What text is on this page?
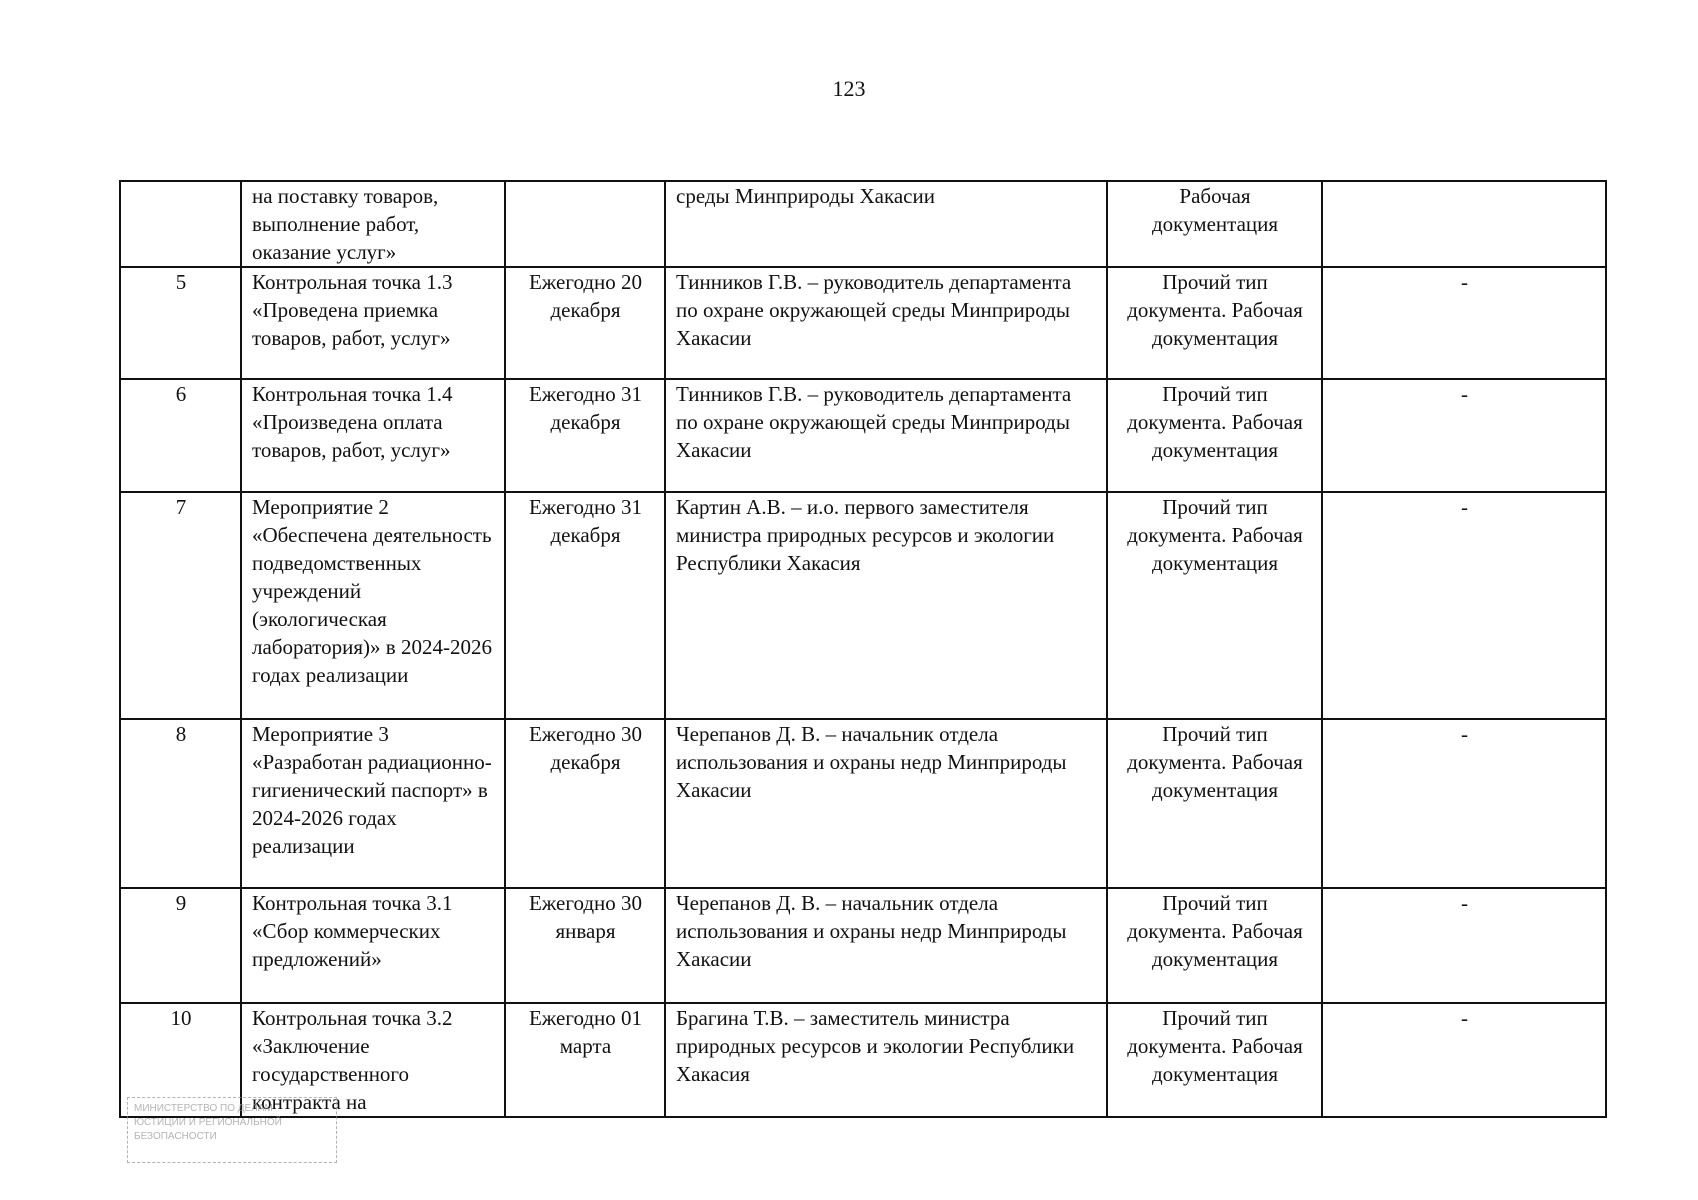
123
	на поставку товаров, выполнение работ, оказание услуг»		среды Минприроды Хакасии	Рабочая документация	
5	Контрольная точка 1.3 «Проведена приемка товаров, работ, услуг»	Ежегодно 20 декабря	Тинников Г.В. – руководитель департамента по охране окружающей среды Минприроды Хакасии	Прочий тип документа. Рабочая документация	-
6	Контрольная точка 1.4 «Произведена оплата товаров, работ, услуг»	Ежегодно 31 декабря	Тинников Г.В. – руководитель департамента по охране окружающей среды Минприроды Хакасии	Прочий тип документа. Рабочая документация	-
7	Мероприятие 2 «Обеспечена деятельность подведомственных учреждений (экологическая лаборатория)» в 2024-2026 годах реализации	Ежегодно 31 декабря	Картин А.В. – и.о. первого заместителя министра природных ресурсов и экологии Республики Хакасия	Прочий тип документа. Рабочая документация	-
8	Мероприятие 3 «Разработан радиационно-гигиенический паспорт» в 2024-2026 годах реализации	Ежегодно 30 декабря	Черепанов Д. В. – начальник отдела использования и охраны недр Минприроды Хакасии	Прочий тип документа. Рабочая документация	-
9	Контрольная точка 3.1 «Сбор коммерческих предложений»	Ежегодно 30 января	Черепанов Д. В. – начальник отдела использования и охраны недр Минприроды Хакасии	Прочий тип документа. Рабочая документация	-
10	Контрольная точка 3.2 «Заключение государственного контракта на	Ежегодно 01 марта	Брагина Т.В. – заместитель министра природных ресурсов и экологии Республики Хакасия	Прочий тип документа. Рабочая документация	-
МИНИСТЕРСТВО ПО ДЕЛАМ
ЮСТИЦИИ И РЕГИОНАЛЬНОЙ
БЕЗОПАСНОСТИ
